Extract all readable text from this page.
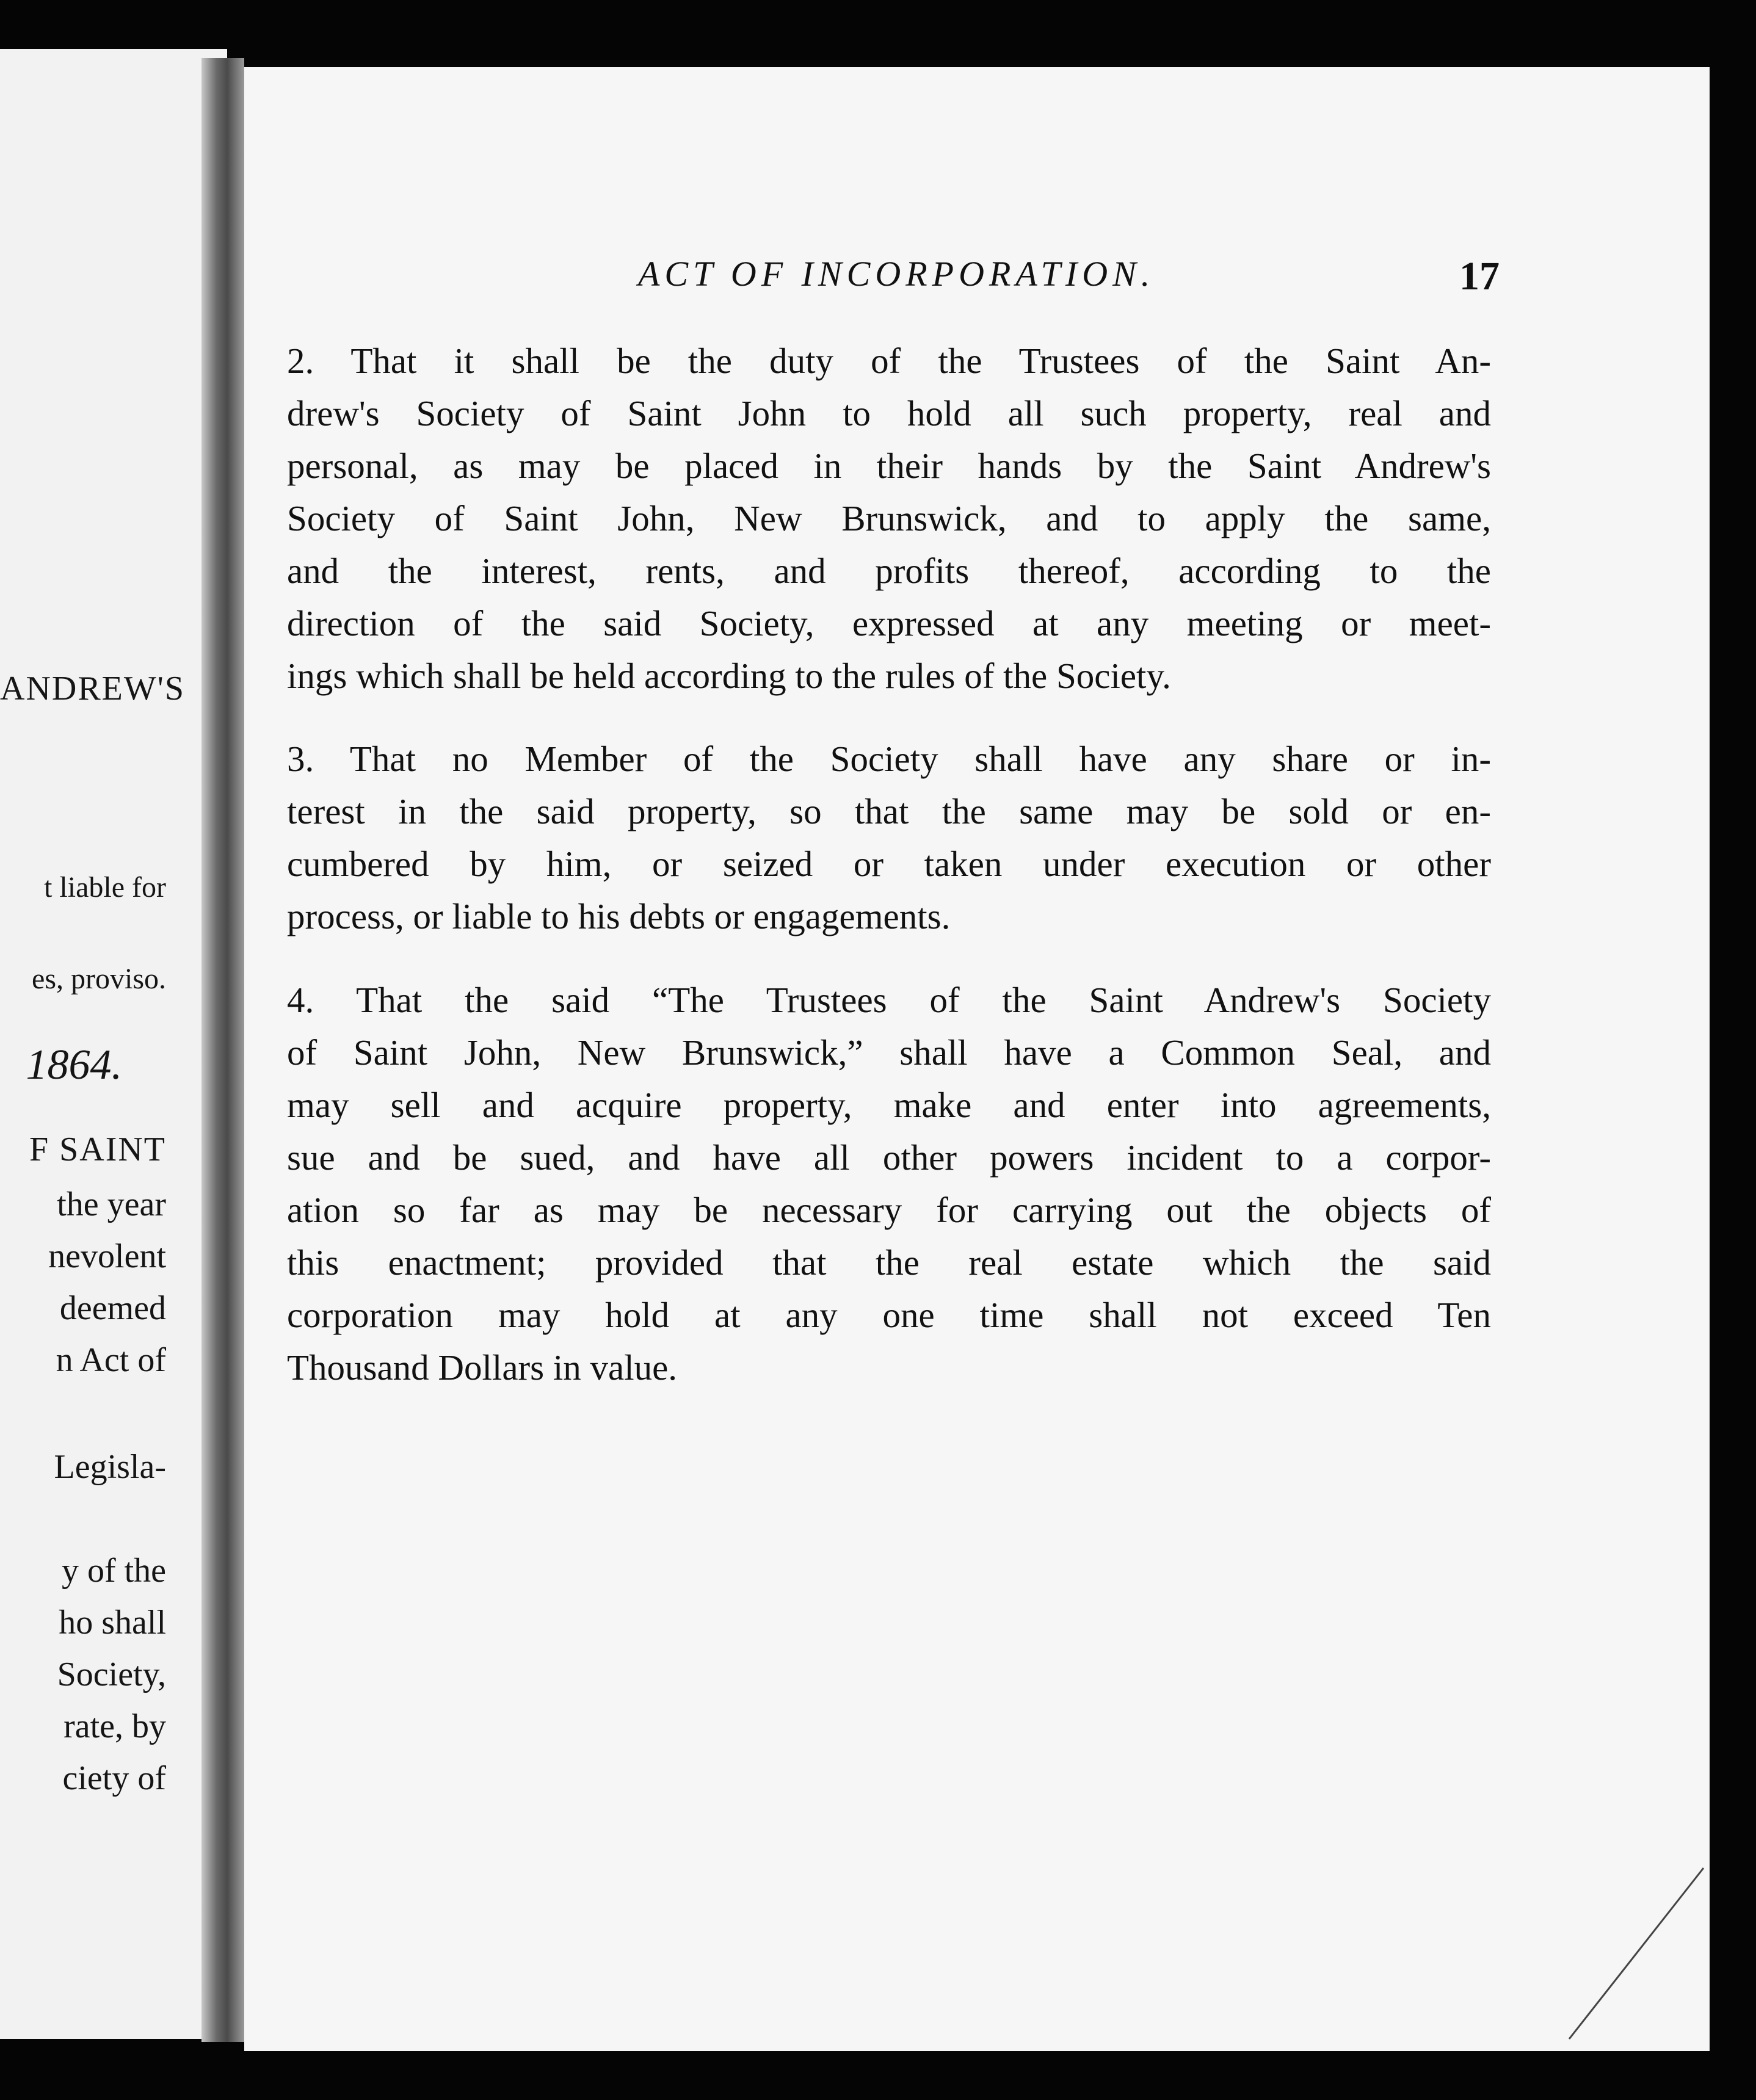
ANDREW'S
t liable for
es, proviso.
1864.
F SAINT
the year
nevolent
deemed
n Act of
Legisla-
y of the
ho shall
Society,
rate, by
ciety of
ACT OF INCORPORATION.	17
2. That it shall be the duty of the Trustees of the Saint An-
drew's Society of Saint John to hold all such property, real and
personal, as may be placed in their hands by the Saint Andrew's
Society of Saint John, New Brunswick, and to apply the same,
and the interest, rents, and profits thereof, according to the
direction of the said Society, expressed at any meeting or meet-
ings which shall be held according to the rules of the Society.
3. That no Member of the Society shall have any share or in-
terest in the said property, so that the same may be sold or en-
cumbered by him, or seized or taken under execution or other
process, or liable to his debts or engagements.
4. That the said “The Trustees of the Saint Andrew's Society
of Saint John, New Brunswick,” shall have a Common Seal, and
may sell and acquire property, make and enter into agreements,
sue and be sued, and have all other powers incident to a corpor-
ation so far as may be necessary for carrying out the objects of
this enactment; provided that the real estate which the said
corporation may hold at any one time shall not exceed Ten
Thousand Dollars in value.
